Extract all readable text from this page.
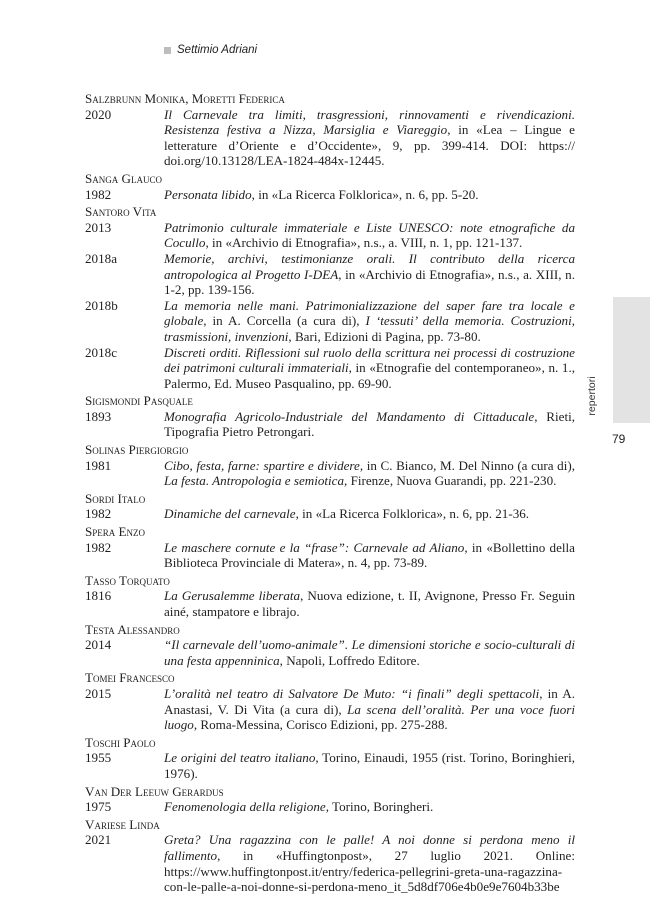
Settimio Adriani
repertori
79
Salzbrunn Monika, Moretti Federica
2020	Il Carnevale tra limiti, trasgressioni, rinnovamenti e rivendicazioni. Resistenza festiva a Nizza, Marsiglia e Viareggio, in «Lea – Lingue e letterature d’Oriente e d’Occidente», 9, pp. 399-414. DOI: https:// doi.org/10.13128/LEA-1824-484x-12445.
Sanga Glauco
1982	Personata libido, in «La Ricerca Folklorica», n. 6, pp. 5-20.
Santoro Vita
2013	Patrimonio culturale immateriale e Liste UNESCO: note etnografiche da Cocullo, in «Archivio di Etnografia», n.s., a. VIII, n. 1, pp. 121-137.
2018a	Memorie, archivi, testimonianze orali. Il contributo della ricerca antropologica al Progetto I-DEA, in «Archivio di Etnografia», n.s., a. XIII, n. 1-2, pp. 139-156.
2018b	La memoria nelle mani. Patrimonializzazione del saper fare tra locale e globale, in A. Corcella (a cura di), I ‘tessuti’ della memoria. Costruzioni, trasmissioni, invenzioni, Bari, Edizioni di Pagina, pp. 73-80.
2018c	Discreti orditi. Riflessioni sul ruolo della scrittura nei processi di costruzione dei patrimoni culturali immateriali, in «Etnografie del contemporaneo», n. 1., Palermo, Ed. Museo Pasqualino, pp. 69-90.
Sigismondi Pasquale
1893	Monografia Agricolo-Industriale del Mandamento di Cittaducale, Rieti, Tipografia Pietro Petrongari.
Solinas Piergiorgio
1981	Cibo, festa, farne: spartire e dividere, in C. Bianco, M. Del Ninno (a cura di), La festa. Antropologia e semiotica, Firenze, Nuova Guarandi, pp. 221-230.
Sordi Italo
1982	Dinamiche del carnevale, in «La Ricerca Folklorica», n. 6, pp. 21-36.
Spera Enzo
1982	Le maschere cornute e la “frase”: Carnevale ad Aliano, in «Bollettino della Biblioteca Provinciale di Matera», n. 4, pp. 73-89.
Tasso Torquato
1816	La Gerusalemme liberata, Nuova edizione, t. II, Avignone, Presso Fr. Seguin ainé, stampatore e librajo.
Testa Alessandro
2014	“Il carnevale dell’uomo-animale”. Le dimensioni storiche e socio-culturali di una festa appenninica, Napoli, Loffredo Editore.
Tomei Francesco
2015	L’oralità nel teatro di Salvatore De Muto: “i finali” degli spettacoli, in A. Anastasi, V. Di Vita (a cura di), La scena dell’oralità. Per una voce fuori luogo, Roma-Messina, Corisco Edizioni, pp. 275-288.
Toschi Paolo
1955	Le origini del teatro italiano, Torino, Einaudi, 1955 (rist. Torino, Boringhieri, 1976).
Van Der Leeuw Gerardus
1975	Fenomenologia della religione, Torino, Boringheri.
Variese Linda
2021	Greta? Una ragazzina con le palle! A noi donne si perdona meno il fallimento, in «Huffingtonpost», 27 luglio 2021. Online: https://www.huffingtonpost.it/entry/federica-pellegrini-greta-una-ragazzina-con-le-palle-a-noi-donne-si-perdona-meno_it_5d8df706e4b0e9e7604b33be
